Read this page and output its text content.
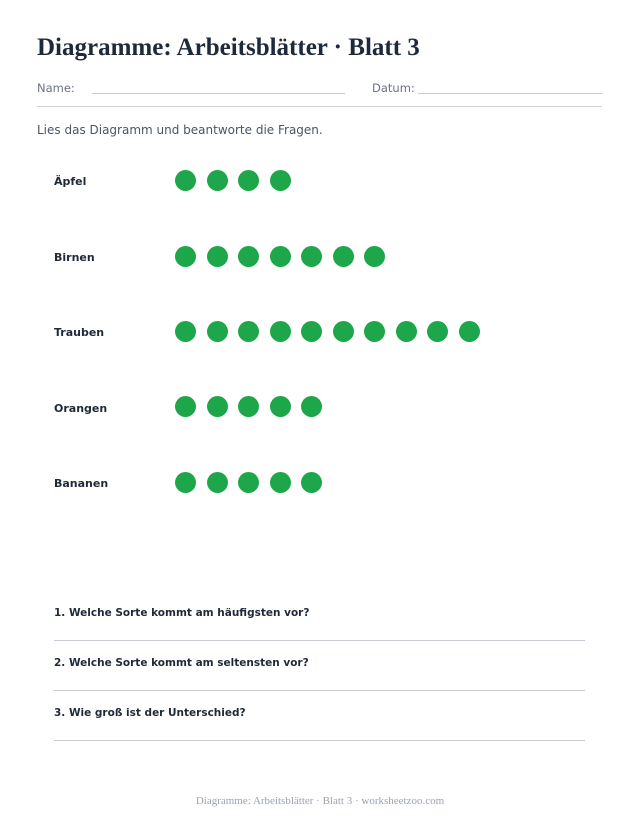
Diagramme: Arbeitsblätter · Blatt 3
Name:	Datum:

Lies das Diagramm und beantworte die Fragen.

Äpfel
Birnen
Trauben
Orangen
Bananen
1. Welche Sorte kommt am häufigsten vor?
2. Welche Sorte kommt am seltensten vor?
3. Wie groß ist der Unterschied?
Diagramme: Arbeitsblätter · Blatt 3 · worksheetzoo.com
